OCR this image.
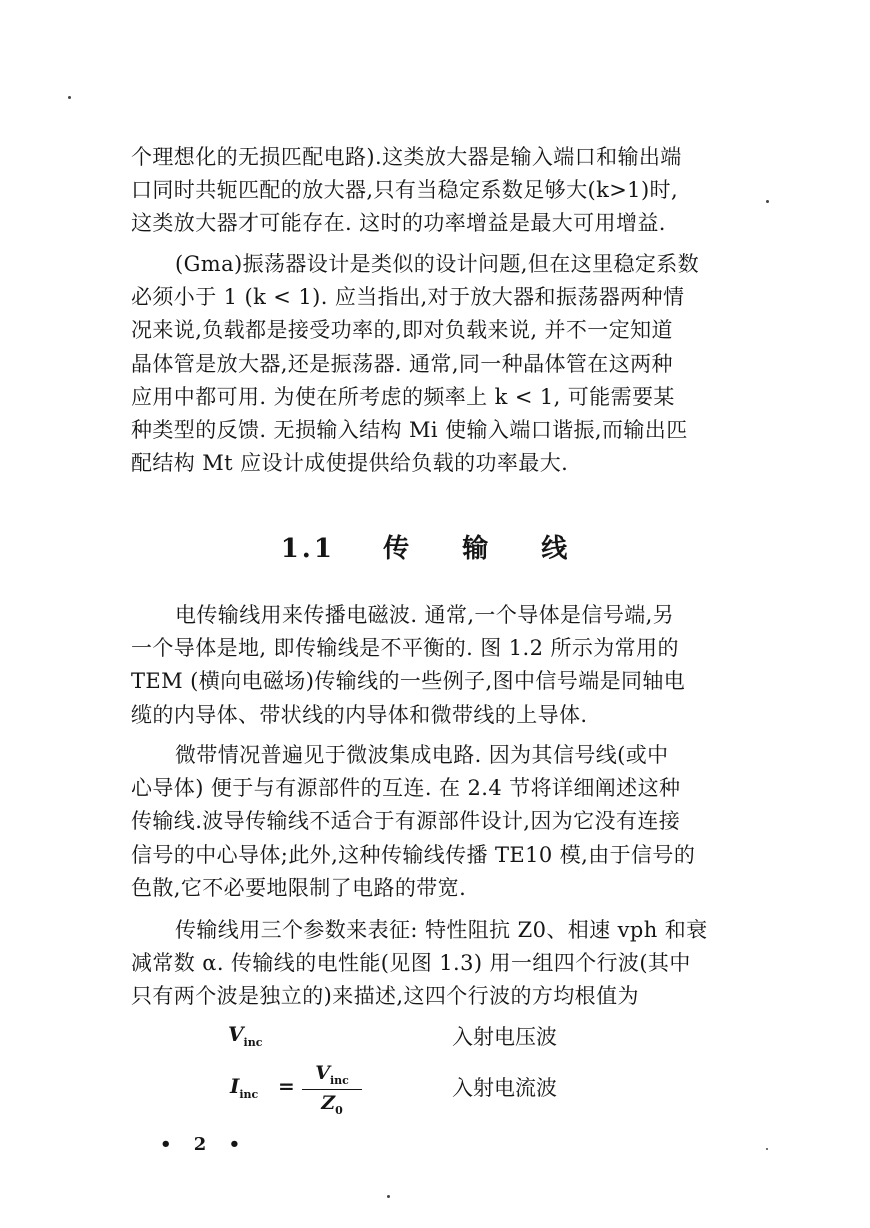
个理想化的无损匹配电路).这类放大器是输入端口和输出端
口同时共轭匹配的放大器,只有当稳定系数足够大(k>1)时,
这类放大器才可能存在. 这时的功率增益是最大可用增益.
(Gma)振荡器设计是类似的设计问题,但在这里稳定系数
必须小于 1 (k < 1). 应当指出,对于放大器和振荡器两种情
况来说,负载都是接受功率的,即对负载来说, 并不一定知道
晶体管是放大器,还是振荡器. 通常,同一种晶体管在这两种
应用中都可用. 为使在所考虑的频率上 k < 1, 可能需要某
种类型的反馈. 无损输入结构 Mi 使输入端口谐振,而输出匹
配结构 Mt 应设计成使提供给负载的功率最大.
1.1 传 输 线
电传输线用来传播电磁波. 通常,一个导体是信号端,另
一个导体是地, 即传输线是不平衡的. 图 1.2 所示为常用的
TEM (横向电磁场)传输线的一些例子,图中信号端是同轴电
缆的内导体、带状线的内导体和微带线的上导体.
微带情况普遍见于微波集成电路. 因为其信号线(或中
心导体) 便于与有源部件的互连. 在 2.4 节将详细阐述这种
传输线.波导传输线不适合于有源部件设计,因为它没有连接
信号的中心导体;此外,这种传输线传播 TE10 模,由于信号的
色散,它不必要地限制了电路的带宽.
传输线用三个参数来表征: 特性阻抗 Z0、相速 vph 和衰
减常数 α. 传输线的电性能(见图 1.3) 用一组四个行波(其中
只有两个波是独立的)来描述,这四个行波的方均根值为
$V_{inc}$	入射电压波
$I_{inc}$ =
$V_{inc}$
$Z_0$
入射电流波
• 2 •
